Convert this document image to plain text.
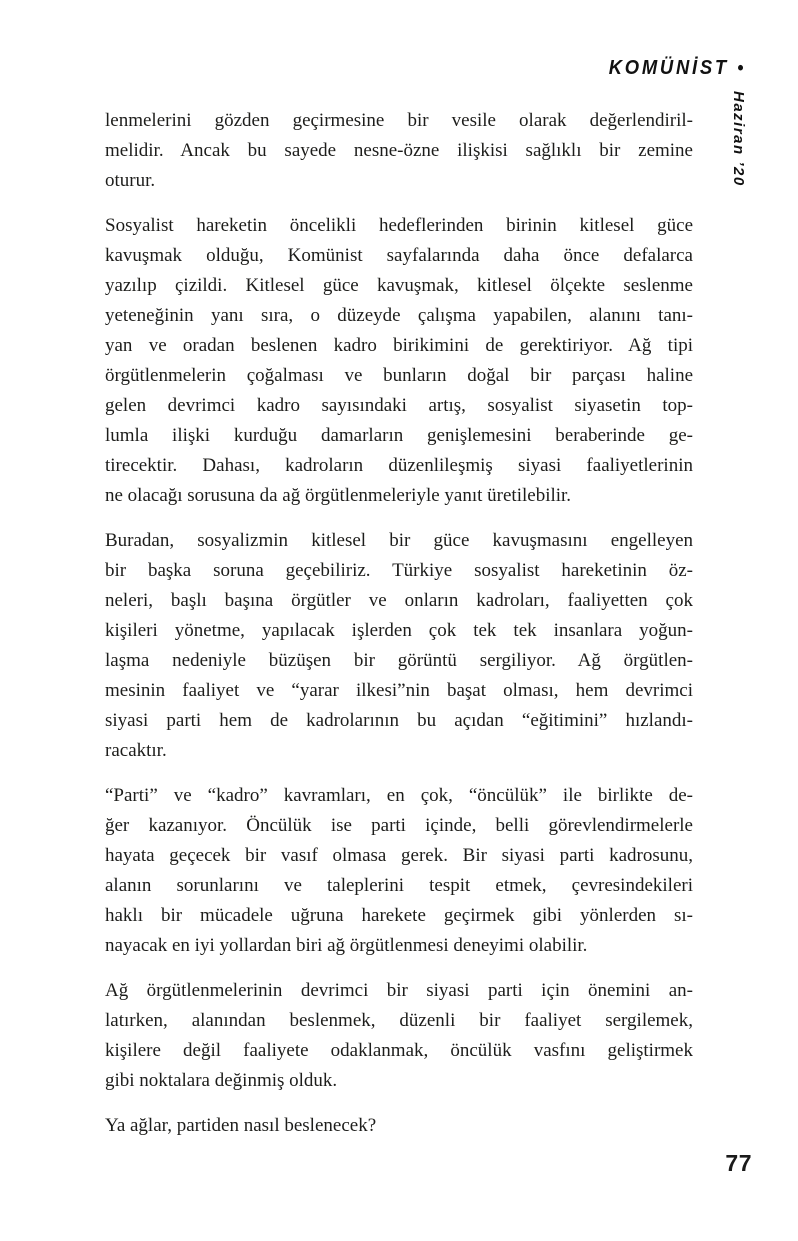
KOMÜNİST •
Haziran ’20
lenmelerini gözden geçirmesine bir vesile olarak değerlendiril-
melidir. Ancak bu sayede nesne-özne ilişkisi sağlıklı bir zemine
oturur.
Sosyalist hareketin öncelikli hedeflerinden birinin kitlesel güce
kavuşmak olduğu, Komünist sayfalarında daha önce defalarca
yazılıp çizildi. Kitlesel güce kavuşmak, kitlesel ölçekte seslenme
yeteneğinin yanı sıra, o düzeyde çalışma yapabilen, alanını tanı-
yan ve oradan beslenen kadro birikimini de gerektiriyor. Ağ tipi
örgütlenmelerin çoğalması ve bunların doğal bir parçası haline
gelen devrimci kadro sayısındaki artış, sosyalist siyasetin top-
lumla ilişki kurduğu damarların genişlemesini beraberinde ge-
tirecektir. Dahası, kadroların düzenlileşmiş siyasi faaliyetlerinin
ne olacağı sorusuna da ağ örgütlenmeleriyle yanıt üretilebilir.
Buradan, sosyalizmin kitlesel bir güce kavuşmasını engelleyen
bir başka soruna geçebiliriz. Türkiye sosyalist hareketinin öz-
neleri, başlı başına örgütler ve onların kadroları, faaliyetten çok
kişileri yönetme, yapılacak işlerden çok tek tek insanlara yoğun-
laşma nedeniyle büzüşen bir görüntü sergiliyor. Ağ örgütlen-
mesinin faaliyet ve “yarar ilkesi”nin başat olması, hem devrimci
siyasi parti hem de kadrolarının bu açıdan “eğitimini” hızlandı-
racaktır.
“Parti” ve “kadro” kavramları, en çok, “öncülük” ile birlikte de-
ğer kazanıyor. Öncülük ise parti içinde, belli görevlendirmelerle
hayata geçecek bir vasıf olmasa gerek. Bir siyasi parti kadrosunu,
alanın sorunlarını ve taleplerini tespit etmek, çevresindekileri
haklı bir mücadele uğruna harekete geçirmek gibi yönlerden sı-
nayacak en iyi yollardan biri ağ örgütlenmesi deneyimi olabilir.
Ağ örgütlenmelerinin devrimci bir siyasi parti için önemini an-
latırken, alanından beslenmek, düzenli bir faaliyet sergilemek,
kişilere değil faaliyete odaklanmak, öncülük vasfını geliştirmek
gibi noktalara değinmiş olduk.
Ya ağlar, partiden nasıl beslenecek?
77
